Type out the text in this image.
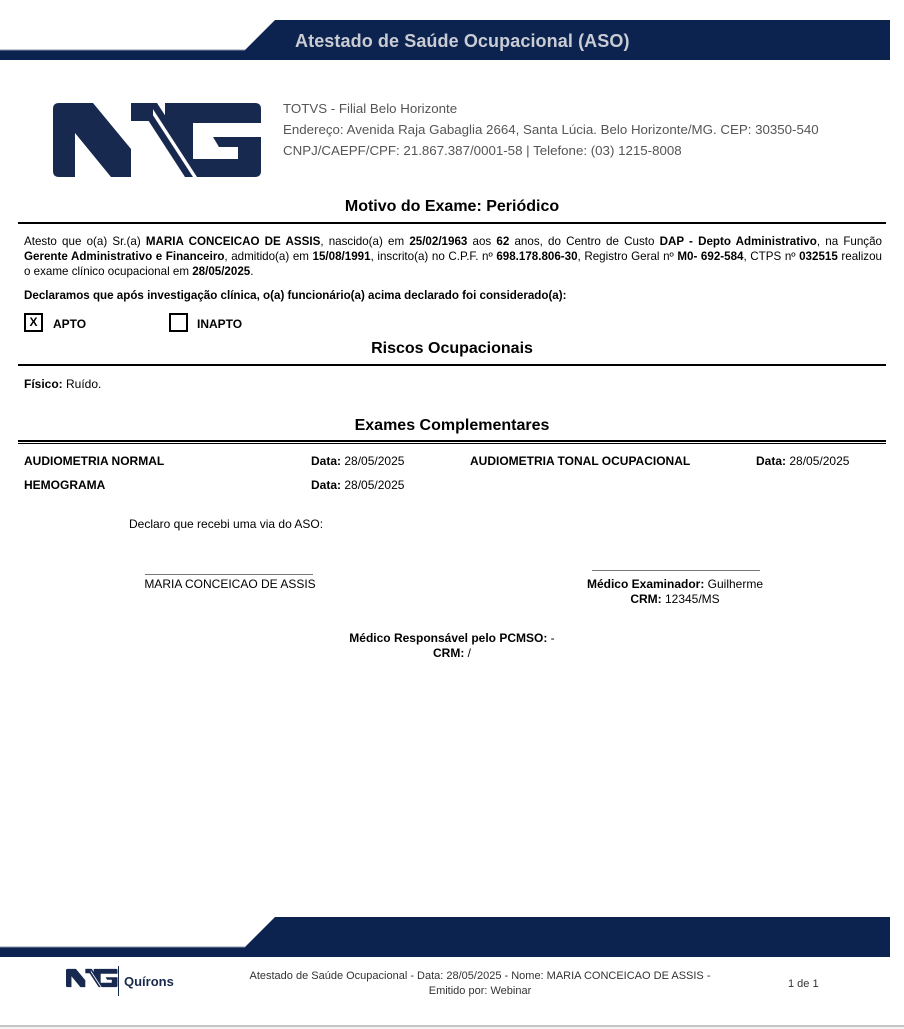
Atestado de Saúde Ocupacional (ASO)
TOTVS - Filial Belo Horizonte
Endereço: Avenida Raja Gabaglia 2664, Santa Lúcia. Belo Horizonte/MG. CEP: 30350-540
CNPJ/CAEPF/CPF: 21.867.387/0001-58 | Telefone: (03) 1215-8008
Motivo do Exame: Periódico
Atesto que o(a) Sr.(a) MARIA CONCEICAO DE ASSIS, nascido(a) em 25/02/1963 aos 62 anos, do Centro de Custo DAP - Depto Administrativo, na Função Gerente Administrativo e Financeiro, admitido(a) em 15/08/1991, inscrito(a) no C.P.F. nº 698.178.806-30, Registro Geral nº M0- 692-584, CTPS nº 032515 realizou o exame clínico ocupacional em 28/05/2025.
Declaramos que após investigação clínica, o(a) funcionário(a) acima declarado foi considerado(a):
X	APTO	INAPTO
Riscos Ocupacionais
Físico: Ruído.
Exames Complementares
AUDIOMETRIA NORMAL	Data: 28/05/2025	AUDIOMETRIA TONAL OCUPACIONAL	Data: 28/05/2025
HEMOGRAMA	Data: 28/05/2025
Declaro que recebi uma via do ASO:
MARIA CONCEICAO DE ASSIS	Médico Examinador: Guilherme
CRM: 12345/MS
Médico Responsável pelo PCMSO: -
CRM: /
Quírons	Atestado de Saúde Ocupacional - Data: 28/05/2025 - Nome: MARIA CONCEICAO DE ASSIS -
Emitido por: Webinar
1 de 1
